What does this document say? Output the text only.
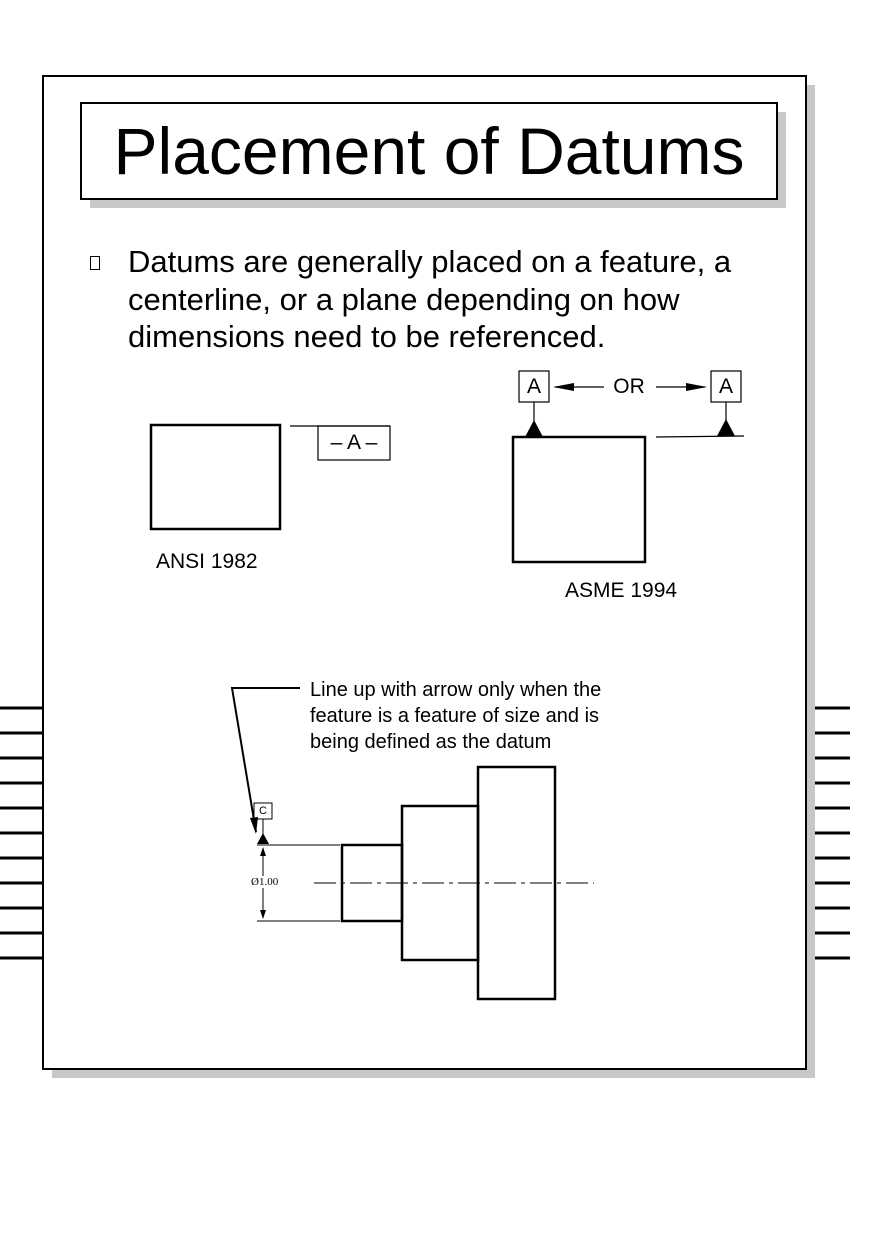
Placement of Datums
Datums are generally placed on a feature, a centerline, or a plane depending on how dimensions need to be referenced.
– A –
ANSI 1982
A	A
OR
ASME 1994
Line up with arrow only when the feature is a feature of size and is being defined as the datum
C
Ø1.00
